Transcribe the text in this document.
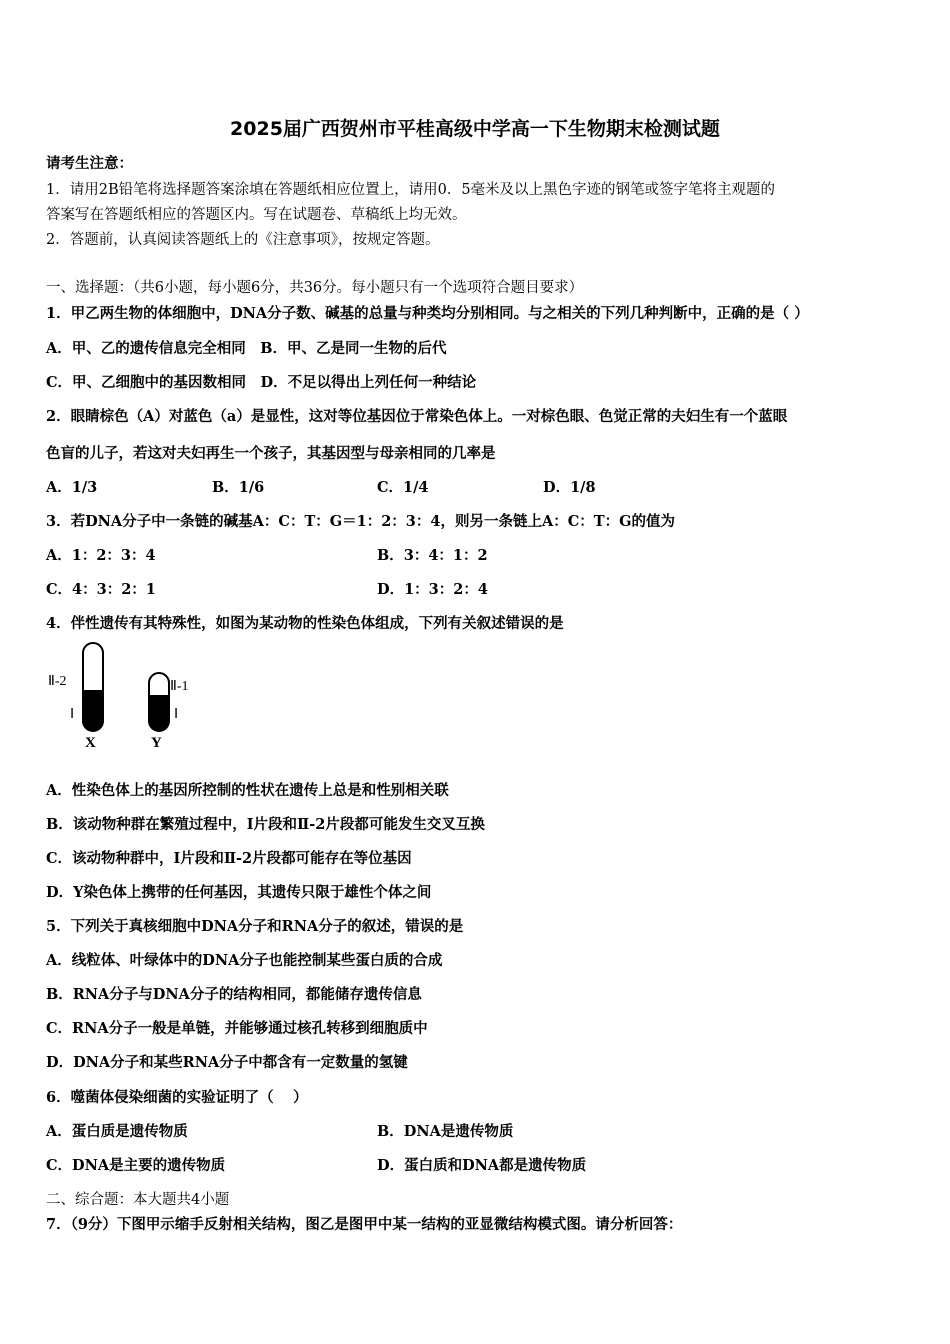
2025届广西贺州市平桂高级中学高一下生物期末检测试题
请考生注意：
1．请用2B铅笔将选择题答案涂填在答题纸相应位置上，请用0．5毫米及以上黑色字迹的钢笔或签字笔将主观题的
答案写在答题纸相应的答题区内。写在试题卷、草稿纸上均无效。
2．答题前，认真阅读答题纸上的《注意事项》，按规定答题。
一、选择题：（共6小题，每小题6分，共36分。每小题只有一个选项符合题目要求）
1．甲乙两生物的体细胞中，DNA分子数、碱基的总量与种类均分别相同。与之相关的下列几种判断中，正确的是（ ）
A．甲、乙的遗传信息完全相同　B．甲、乙是同一生物的后代
C．甲、乙细胞中的基因数相同　D．不足以得出上列任何一种结论
2．眼睛棕色（A）对蓝色（a）是显性，这对等位基因位于常染色体上。一对棕色眼、色觉正常的夫妇生有一个蓝眼
色盲的儿子，若这对夫妇再生一个孩子，其基因型与母亲相同的几率是
A．1/3	B．1/6	C．1/4	D．1/8
3．若DNA分子中一条链的碱基A：C：T：G＝1：2：3：4，则另一条链上A：C：T：G的值为
A．1：2：3：4	B．3：4：1：2
C．4：3：2：1	D．1：3：2：4
4．伴性遗传有其特殊性，如图为某动物的性染色体组成，下列有关叙述错误的是
Ⅱ-2
Ⅰ
X
Ⅱ-1
Ⅰ
Y
A．性染色体上的基因所控制的性状在遗传上总是和性别相关联
B．该动物种群在繁殖过程中，Ⅰ片段和Ⅱ-2片段都可能发生交叉互换
C．该动物种群中，Ⅰ片段和Ⅱ-2片段都可能存在等位基因
D．Y染色体上携带的任何基因，其遗传只限于雄性个体之间
5．下列关于真核细胞中DNA分子和RNA分子的叙述，错误的是
A．线粒体、叶绿体中的DNA分子也能控制某些蛋白质的合成
B．RNA分子与DNA分子的结构相同，都能储存遗传信息
C．RNA分子一般是单链，并能够通过核孔转移到细胞质中
D．DNA分子和某些RNA分子中都含有一定数量的氢键
6．噬菌体侵染细菌的实验证明了（　 ）
A．蛋白质是遗传物质	B．DNA是遗传物质
C．DNA是主要的遗传物质	D．蛋白质和DNA都是遗传物质
二、综合题：本大题共4小题
7．（9分）下图甲示缩手反射相关结构，图乙是图甲中某一结构的亚显微结构模式图。请分析回答：
